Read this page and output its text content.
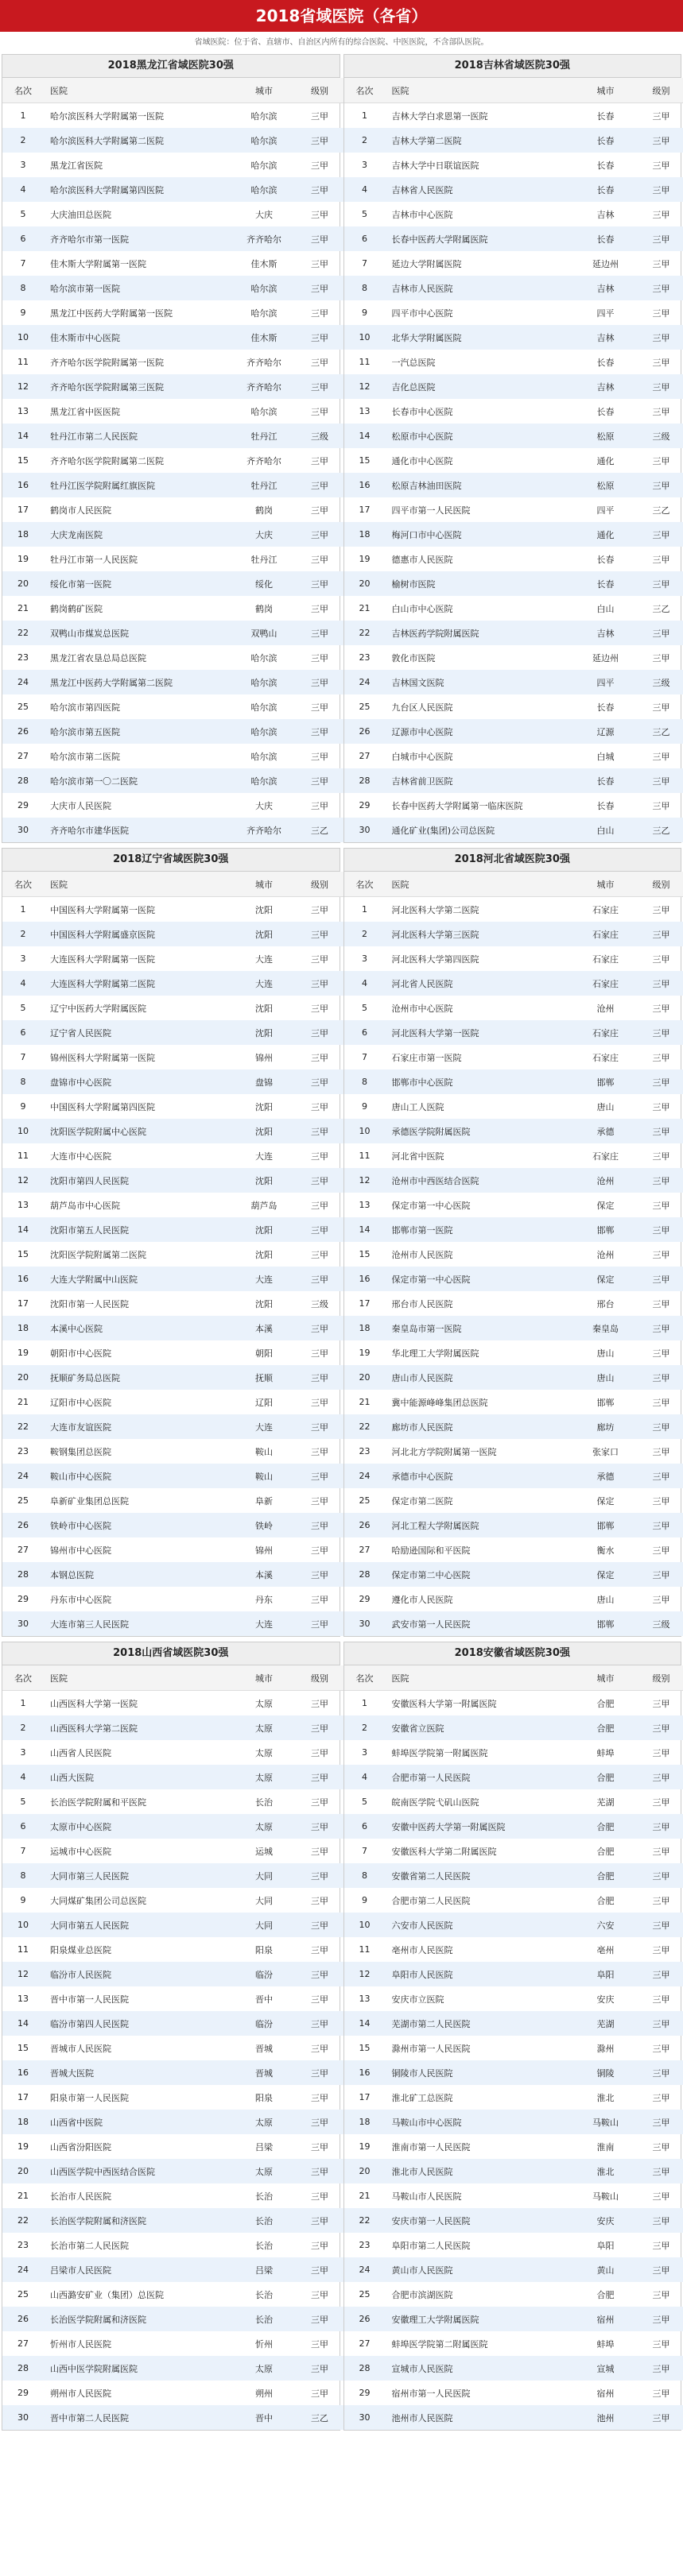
2018省域医院（各省）
省域医院：位于省、直辖市、自治区内所有的综合医院、中医医院，不含部队医院。
2018黑龙江省域医院30强
名次	医院	城市	级别
1	哈尔滨医科大学附属第一医院	哈尔滨	三甲
2	哈尔滨医科大学附属第二医院	哈尔滨	三甲
3	黑龙江省医院	哈尔滨	三甲
4	哈尔滨医科大学附属第四医院	哈尔滨	三甲
5	大庆油田总医院	大庆	三甲
6	齐齐哈尔市第一医院	齐齐哈尔	三甲
7	佳木斯大学附属第一医院	佳木斯	三甲
8	哈尔滨市第一医院	哈尔滨	三甲
9	黑龙江中医药大学附属第一医院	哈尔滨	三甲
10	佳木斯市中心医院	佳木斯	三甲
11	齐齐哈尔医学院附属第一医院	齐齐哈尔	三甲
12	齐齐哈尔医学院附属第三医院	齐齐哈尔	三甲
13	黑龙江省中医医院	哈尔滨	三甲
14	牡丹江市第二人民医院	牡丹江	三级
15	齐齐哈尔医学院附属第二医院	齐齐哈尔	三甲
16	牡丹江医学院附属红旗医院	牡丹江	三甲
17	鹤岗市人民医院	鹤岗	三甲
18	大庆龙南医院	大庆	三甲
19	牡丹江市第一人民医院	牡丹江	三甲
20	绥化市第一医院	绥化	三甲
21	鹤岗鹤矿医院	鹤岗	三甲
22	双鸭山市煤炭总医院	双鸭山	三甲
23	黑龙江省农垦总局总医院	哈尔滨	三甲
24	黑龙江中医药大学附属第二医院	哈尔滨	三甲
25	哈尔滨市第四医院	哈尔滨	三甲
26	哈尔滨市第五医院	哈尔滨	三甲
27	哈尔滨市第二医院	哈尔滨	三甲
28	哈尔滨市第一〇二医院	哈尔滨	三甲
29	大庆市人民医院	大庆	三甲
30	齐齐哈尔市建华医院	齐齐哈尔	三乙
2018吉林省域医院30强
名次	医院	城市	级别
1	吉林大学白求恩第一医院	长春	三甲
2	吉林大学第二医院	长春	三甲
3	吉林大学中日联谊医院	长春	三甲
4	吉林省人民医院	长春	三甲
5	吉林市中心医院	吉林	三甲
6	长春中医药大学附属医院	长春	三甲
7	延边大学附属医院	延边州	三甲
8	吉林市人民医院	吉林	三甲
9	四平市中心医院	四平	三甲
10	北华大学附属医院	吉林	三甲
11	一汽总医院	长春	三甲
12	吉化总医院	吉林	三甲
13	长春市中心医院	长春	三甲
14	松原市中心医院	松原	三级
15	通化市中心医院	通化	三甲
16	松原吉林油田医院	松原	三甲
17	四平市第一人民医院	四平	三乙
18	梅河口市中心医院	通化	三甲
19	德惠市人民医院	长春	三甲
20	榆树市医院	长春	三甲
21	白山市中心医院	白山	三乙
22	吉林医药学院附属医院	吉林	三甲
23	敦化市医院	延边州	三甲
24	吉林国文医院	四平	三级
25	九台区人民医院	长春	三甲
26	辽源市中心医院	辽源	三乙
27	白城市中心医院	白城	三甲
28	吉林省前卫医院	长春	三甲
29	长春中医药大学附属第一临床医院	长春	三甲
30	通化矿业(集团)公司总医院	白山	三乙
2018辽宁省域医院30强
名次	医院	城市	级别
1	中国医科大学附属第一医院	沈阳	三甲
2	中国医科大学附属盛京医院	沈阳	三甲
3	大连医科大学附属第一医院	大连	三甲
4	大连医科大学附属第二医院	大连	三甲
5	辽宁中医药大学附属医院	沈阳	三甲
6	辽宁省人民医院	沈阳	三甲
7	锦州医科大学附属第一医院	锦州	三甲
8	盘锦市中心医院	盘锦	三甲
9	中国医科大学附属第四医院	沈阳	三甲
10	沈阳医学院附属中心医院	沈阳	三甲
11	大连市中心医院	大连	三甲
12	沈阳市第四人民医院	沈阳	三甲
13	葫芦岛市中心医院	葫芦岛	三甲
14	沈阳市第五人民医院	沈阳	三甲
15	沈阳医学院附属第二医院	沈阳	三甲
16	大连大学附属中山医院	大连	三甲
17	沈阳市第一人民医院	沈阳	三级
18	本溪中心医院	本溪	三甲
19	朝阳市中心医院	朝阳	三甲
20	抚顺矿务局总医院	抚顺	三甲
21	辽阳市中心医院	辽阳	三甲
22	大连市友谊医院	大连	三甲
23	鞍钢集团总医院	鞍山	三甲
24	鞍山市中心医院	鞍山	三甲
25	阜新矿业集团总医院	阜新	三甲
26	铁岭市中心医院	铁岭	三甲
27	锦州市中心医院	锦州	三甲
28	本钢总医院	本溪	三甲
29	丹东市中心医院	丹东	三甲
30	大连市第三人民医院	大连	三甲
2018河北省域医院30强
名次	医院	城市	级别
1	河北医科大学第二医院	石家庄	三甲
2	河北医科大学第三医院	石家庄	三甲
3	河北医科大学第四医院	石家庄	三甲
4	河北省人民医院	石家庄	三甲
5	沧州市中心医院	沧州	三甲
6	河北医科大学第一医院	石家庄	三甲
7	石家庄市第一医院	石家庄	三甲
8	邯郸市中心医院	邯郸	三甲
9	唐山工人医院	唐山	三甲
10	承德医学院附属医院	承德	三甲
11	河北省中医院	石家庄	三甲
12	沧州市中西医结合医院	沧州	三甲
13	保定市第一中心医院	保定	三甲
14	邯郸市第一医院	邯郸	三甲
15	沧州市人民医院	沧州	三甲
16	保定市第一中心医院	保定	三甲
17	邢台市人民医院	邢台	三甲
18	秦皇岛市第一医院	秦皇岛	三甲
19	华北理工大学附属医院	唐山	三甲
20	唐山市人民医院	唐山	三甲
21	冀中能源峰峰集团总医院	邯郸	三甲
22	廊坊市人民医院	廊坊	三甲
23	河北北方学院附属第一医院	张家口	三甲
24	承德市中心医院	承德	三甲
25	保定市第二医院	保定	三甲
26	河北工程大学附属医院	邯郸	三甲
27	哈励逊国际和平医院	衡水	三甲
28	保定市第二中心医院	保定	三甲
29	遵化市人民医院	唐山	三甲
30	武安市第一人民医院	邯郸	三级
2018山西省域医院30强
名次	医院	城市	级别
1	山西医科大学第一医院	太原	三甲
2	山西医科大学第二医院	太原	三甲
3	山西省人民医院	太原	三甲
4	山西大医院	太原	三甲
5	长治医学院附属和平医院	长治	三甲
6	太原市中心医院	太原	三甲
7	运城市中心医院	运城	三甲
8	大同市第三人民医院	大同	三甲
9	大同煤矿集团公司总医院	大同	三甲
10	大同市第五人民医院	大同	三甲
11	阳泉煤业总医院	阳泉	三甲
12	临汾市人民医院	临汾	三甲
13	晋中市第一人民医院	晋中	三甲
14	临汾市第四人民医院	临汾	三甲
15	晋城市人民医院	晋城	三甲
16	晋城大医院	晋城	三甲
17	阳泉市第一人民医院	阳泉	三甲
18	山西省中医院	太原	三甲
19	山西省汾阳医院	吕梁	三甲
20	山西医学院中西医结合医院	太原	三甲
21	长治市人民医院	长治	三甲
22	长治医学院附属和济医院	长治	三甲
23	长治市第二人民医院	长治	三甲
24	吕梁市人民医院	吕梁	三甲
25	山西潞安矿业（集团）总医院	长治	三甲
26	长治医学院附属和济医院	长治	三甲
27	忻州市人民医院	忻州	三甲
28	山西中医学院附属医院	太原	三甲
29	朔州市人民医院	朔州	三甲
30	晋中市第二人民医院	晋中	三乙
2018安徽省域医院30强
名次	医院	城市	级别
1	安徽医科大学第一附属医院	合肥	三甲
2	安徽省立医院	合肥	三甲
3	蚌埠医学院第一附属医院	蚌埠	三甲
4	合肥市第一人民医院	合肥	三甲
5	皖南医学院弋矶山医院	芜湖	三甲
6	安徽中医药大学第一附属医院	合肥	三甲
7	安徽医科大学第二附属医院	合肥	三甲
8	安徽省第二人民医院	合肥	三甲
9	合肥市第二人民医院	合肥	三甲
10	六安市人民医院	六安	三甲
11	亳州市人民医院	亳州	三甲
12	阜阳市人民医院	阜阳	三甲
13	安庆市立医院	安庆	三甲
14	芜湖市第二人民医院	芜湖	三甲
15	滁州市第一人民医院	滁州	三甲
16	铜陵市人民医院	铜陵	三甲
17	淮北矿工总医院	淮北	三甲
18	马鞍山市中心医院	马鞍山	三甲
19	淮南市第一人民医院	淮南	三甲
20	淮北市人民医院	淮北	三甲
21	马鞍山市人民医院	马鞍山	三甲
22	安庆市第一人民医院	安庆	三甲
23	阜阳市第二人民医院	阜阳	三甲
24	黄山市人民医院	黄山	三甲
25	合肥市滨湖医院	合肥	三甲
26	安徽理工大学附属医院	宿州	三甲
27	蚌埠医学院第二附属医院	蚌埠	三甲
28	宣城市人民医院	宣城	三甲
29	宿州市第一人民医院	宿州	三甲
30	池州市人民医院	池州	三甲
